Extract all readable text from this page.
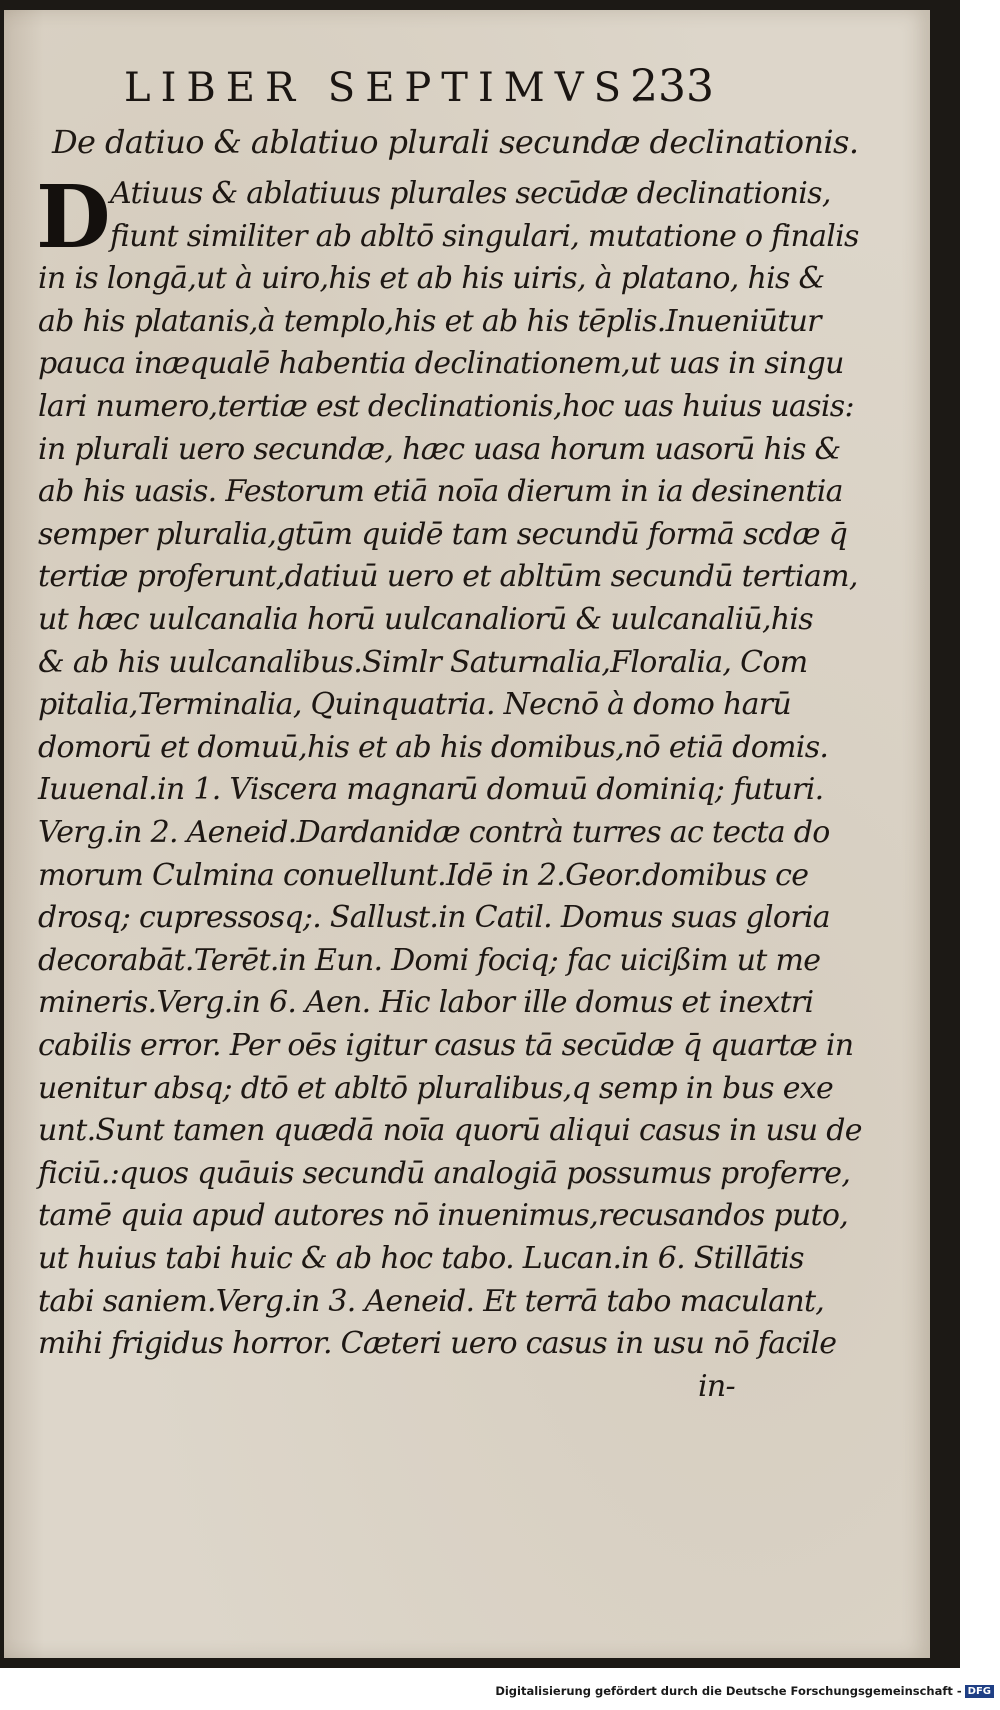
LIBER SEPTIMVS.
233
De datiuo & ablatiuo plurali secundæ declinationis.
D Atiuus & ablatiuus plurales secūdæ declinationis,
fiunt similiter ab abltō singulari, mutatione o finalis
in is longā,ut à uiro,his et ab his uiris, à platano, his &
ab his platanis,à templo,his et ab his tēplis.Inueniūtur
pauca inæqualē habentia declinationem,ut uas in singu
lari numero,tertiæ est declinationis,hoc uas huius uasis:
in plurali uero secundæ, hæc uasa horum uasorū his &
ab his uasis. Festorum etiā noīa dierum in ia desinentia
semper pluralia,gtūm quidē tam secundū formā scdæ q̄
tertiæ proferunt,datiuū uero et abltūm secundū tertiam,
ut hæc uulcanalia horū uulcanaliorū & uulcanaliū,his
& ab his uulcanalibus.Simlr Saturnalia,Floralia, Com
pitalia,Terminalia, Quinquatria. Necnō à domo harū
domorū et domuū,his et ab his domibus,nō etiā domis.
Iuuenal.in 1. Viscera magnarū domuū dominiq; futuri.
Verg.in 2. Aeneid.Dardanidæ contrà turres ac tecta do
morum Culmina conuellunt.Idē in 2.Geor.domibus ce
drosq; cupressosq;. Sallust.in Catil. Domus suas gloria
decorabāt.Terēt.in Eun. Domi fociq; fac uicißim ut me
mineris.Verg.in 6. Aen. Hic labor ille domus et inextri
cabilis error. Per oēs igitur casus tā secūdæ q̄ quartæ in
uenitur absq; dtō et abltō pluralibus,q semp in bus exe
unt.Sunt tamen quædā noīa quorū aliqui casus in usu de
ficiū.:quos quāuis secundū analogiā possumus proferre,
tamē quia apud autores nō inuenimus,recusandos puto,
ut huius tabi huic & ab hoc tabo. Lucan.in 6. Stillātis
tabi saniem.Verg.in 3. Aeneid. Et terrā tabo maculant,
mihi frigidus horror. Cæteri uero casus in usu nō facile
in-
Digitalisierung gefördert durch die Deutsche Forschungsgemeinschaft - DFG
